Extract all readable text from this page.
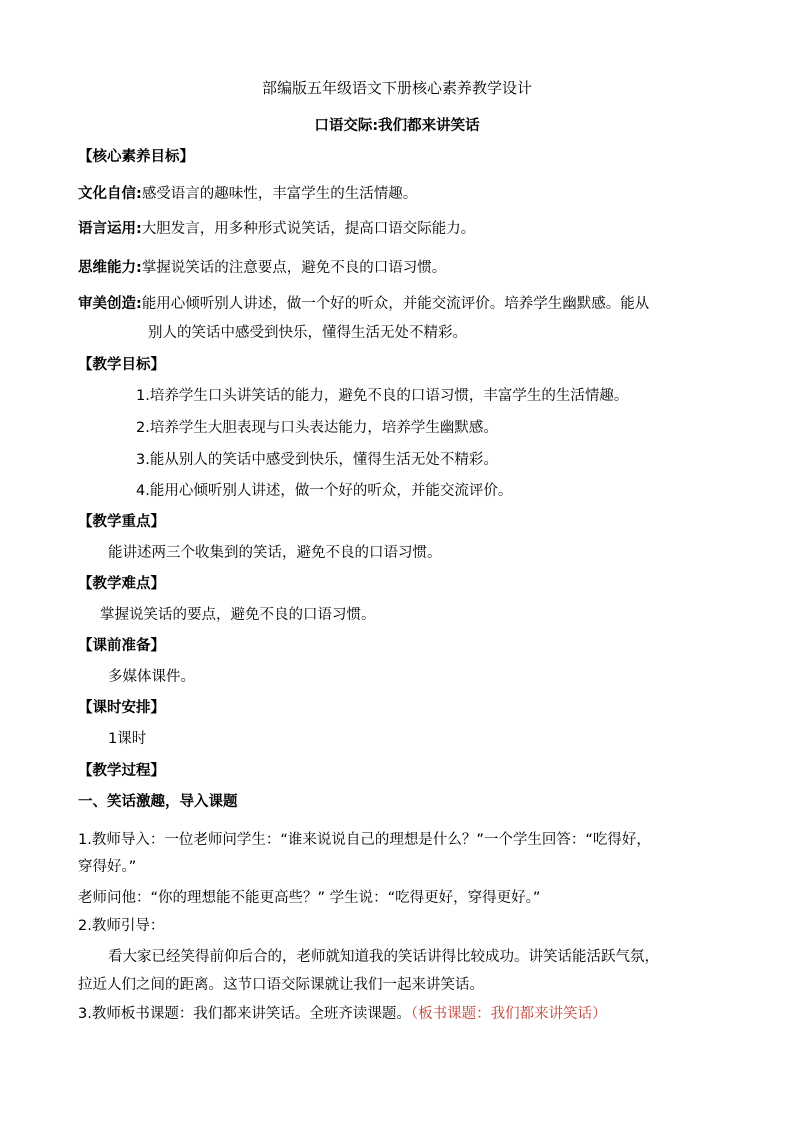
部编版五年级语文下册核心素养教学设计
口语交际:我们都来讲笑话
【核心素养目标】
文化自信:感受语言的趣味性，丰富学生的生活情趣。
语言运用:大胆发言，用多种形式说笑话，提高口语交际能力。
思维能力:掌握说笑话的注意要点，避免不良的口语习惯。
审美创造:能用心倾听别人讲述，做一个好的听众，并能交流评价。培养学生幽默感。能从
别人的笑话中感受到快乐，懂得生活无处不精彩。
【教学目标】
1.培养学生口头讲笑话的能力，避免不良的口语习惯，丰富学生的生活情趣。
2.培养学生大胆表现与口头表达能力，培养学生幽默感。
3.能从别人的笑话中感受到快乐，懂得生活无处不精彩。
4.能用心倾听别人讲述，做一个好的听众，并能交流评价。
【教学重点】
能讲述两三个收集到的笑话，避免不良的口语习惯。
【教学难点】
掌握说笑话的要点，避免不良的口语习惯。
【课前准备】
多媒体课件。
【课时安排】
1课时
【教学过程】
一、笑话激趣，导入课题
1.教师导入：一位老师问学生：“谁来说说自己的理想是什么？”一个学生回答：“吃得好，
穿得好。”
老师问他：“你的理想能不能更高些？” 学生说：“吃得更好，穿得更好。”
2.教师引导：
看大家已经笑得前仰后合的，老师就知道我的笑话讲得比较成功。讲笑话能活跃气氛，
拉近人们之间的距离。这节口语交际课就让我们一起来讲笑话。
3.教师板书课题：我们都来讲笑话。全班齐读课题。（板书课题：我们都来讲笑话）
